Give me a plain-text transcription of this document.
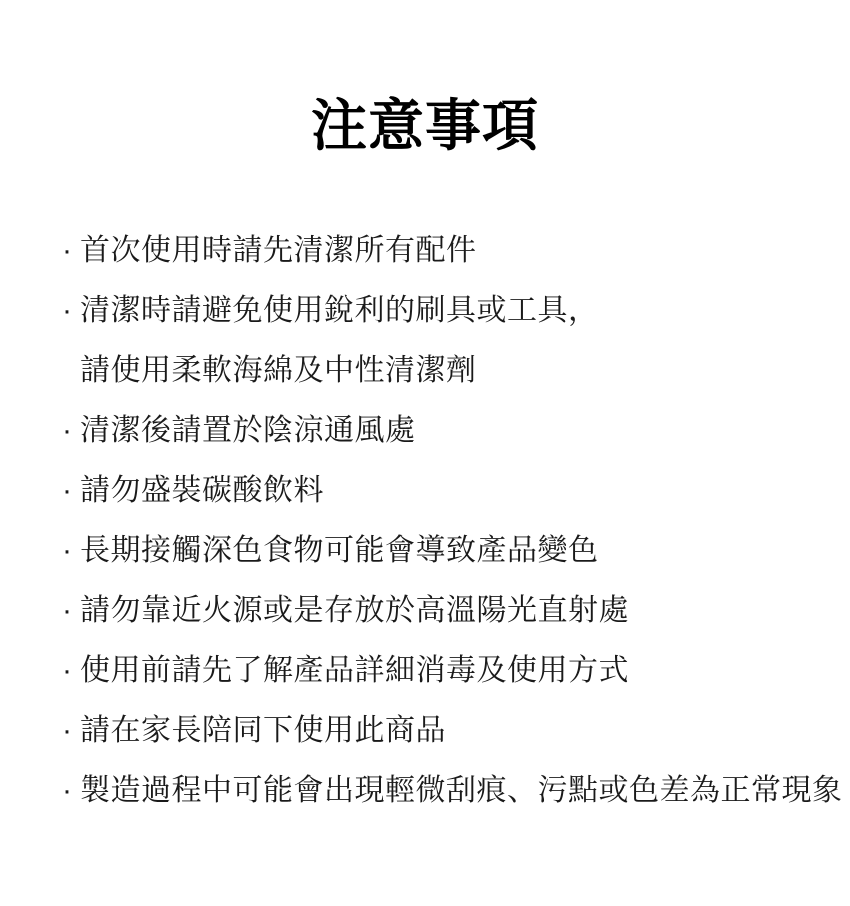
注意事項
· 首次使用時請先清潔所有配件
· 清潔時請避免使用銳利的刷具或工具，
請使用柔軟海綿及中性清潔劑
· 清潔後請置於陰涼通風處
· 請勿盛裝碳酸飲料
· 長期接觸深色食物可能會導致產品變色
· 請勿靠近火源或是存放於高溫陽光直射處
· 使用前請先了解產品詳細消毒及使用方式
· 請在家長陪同下使用此商品
· 製造過程中可能會出現輕微刮痕、污點或色差為正常現象
